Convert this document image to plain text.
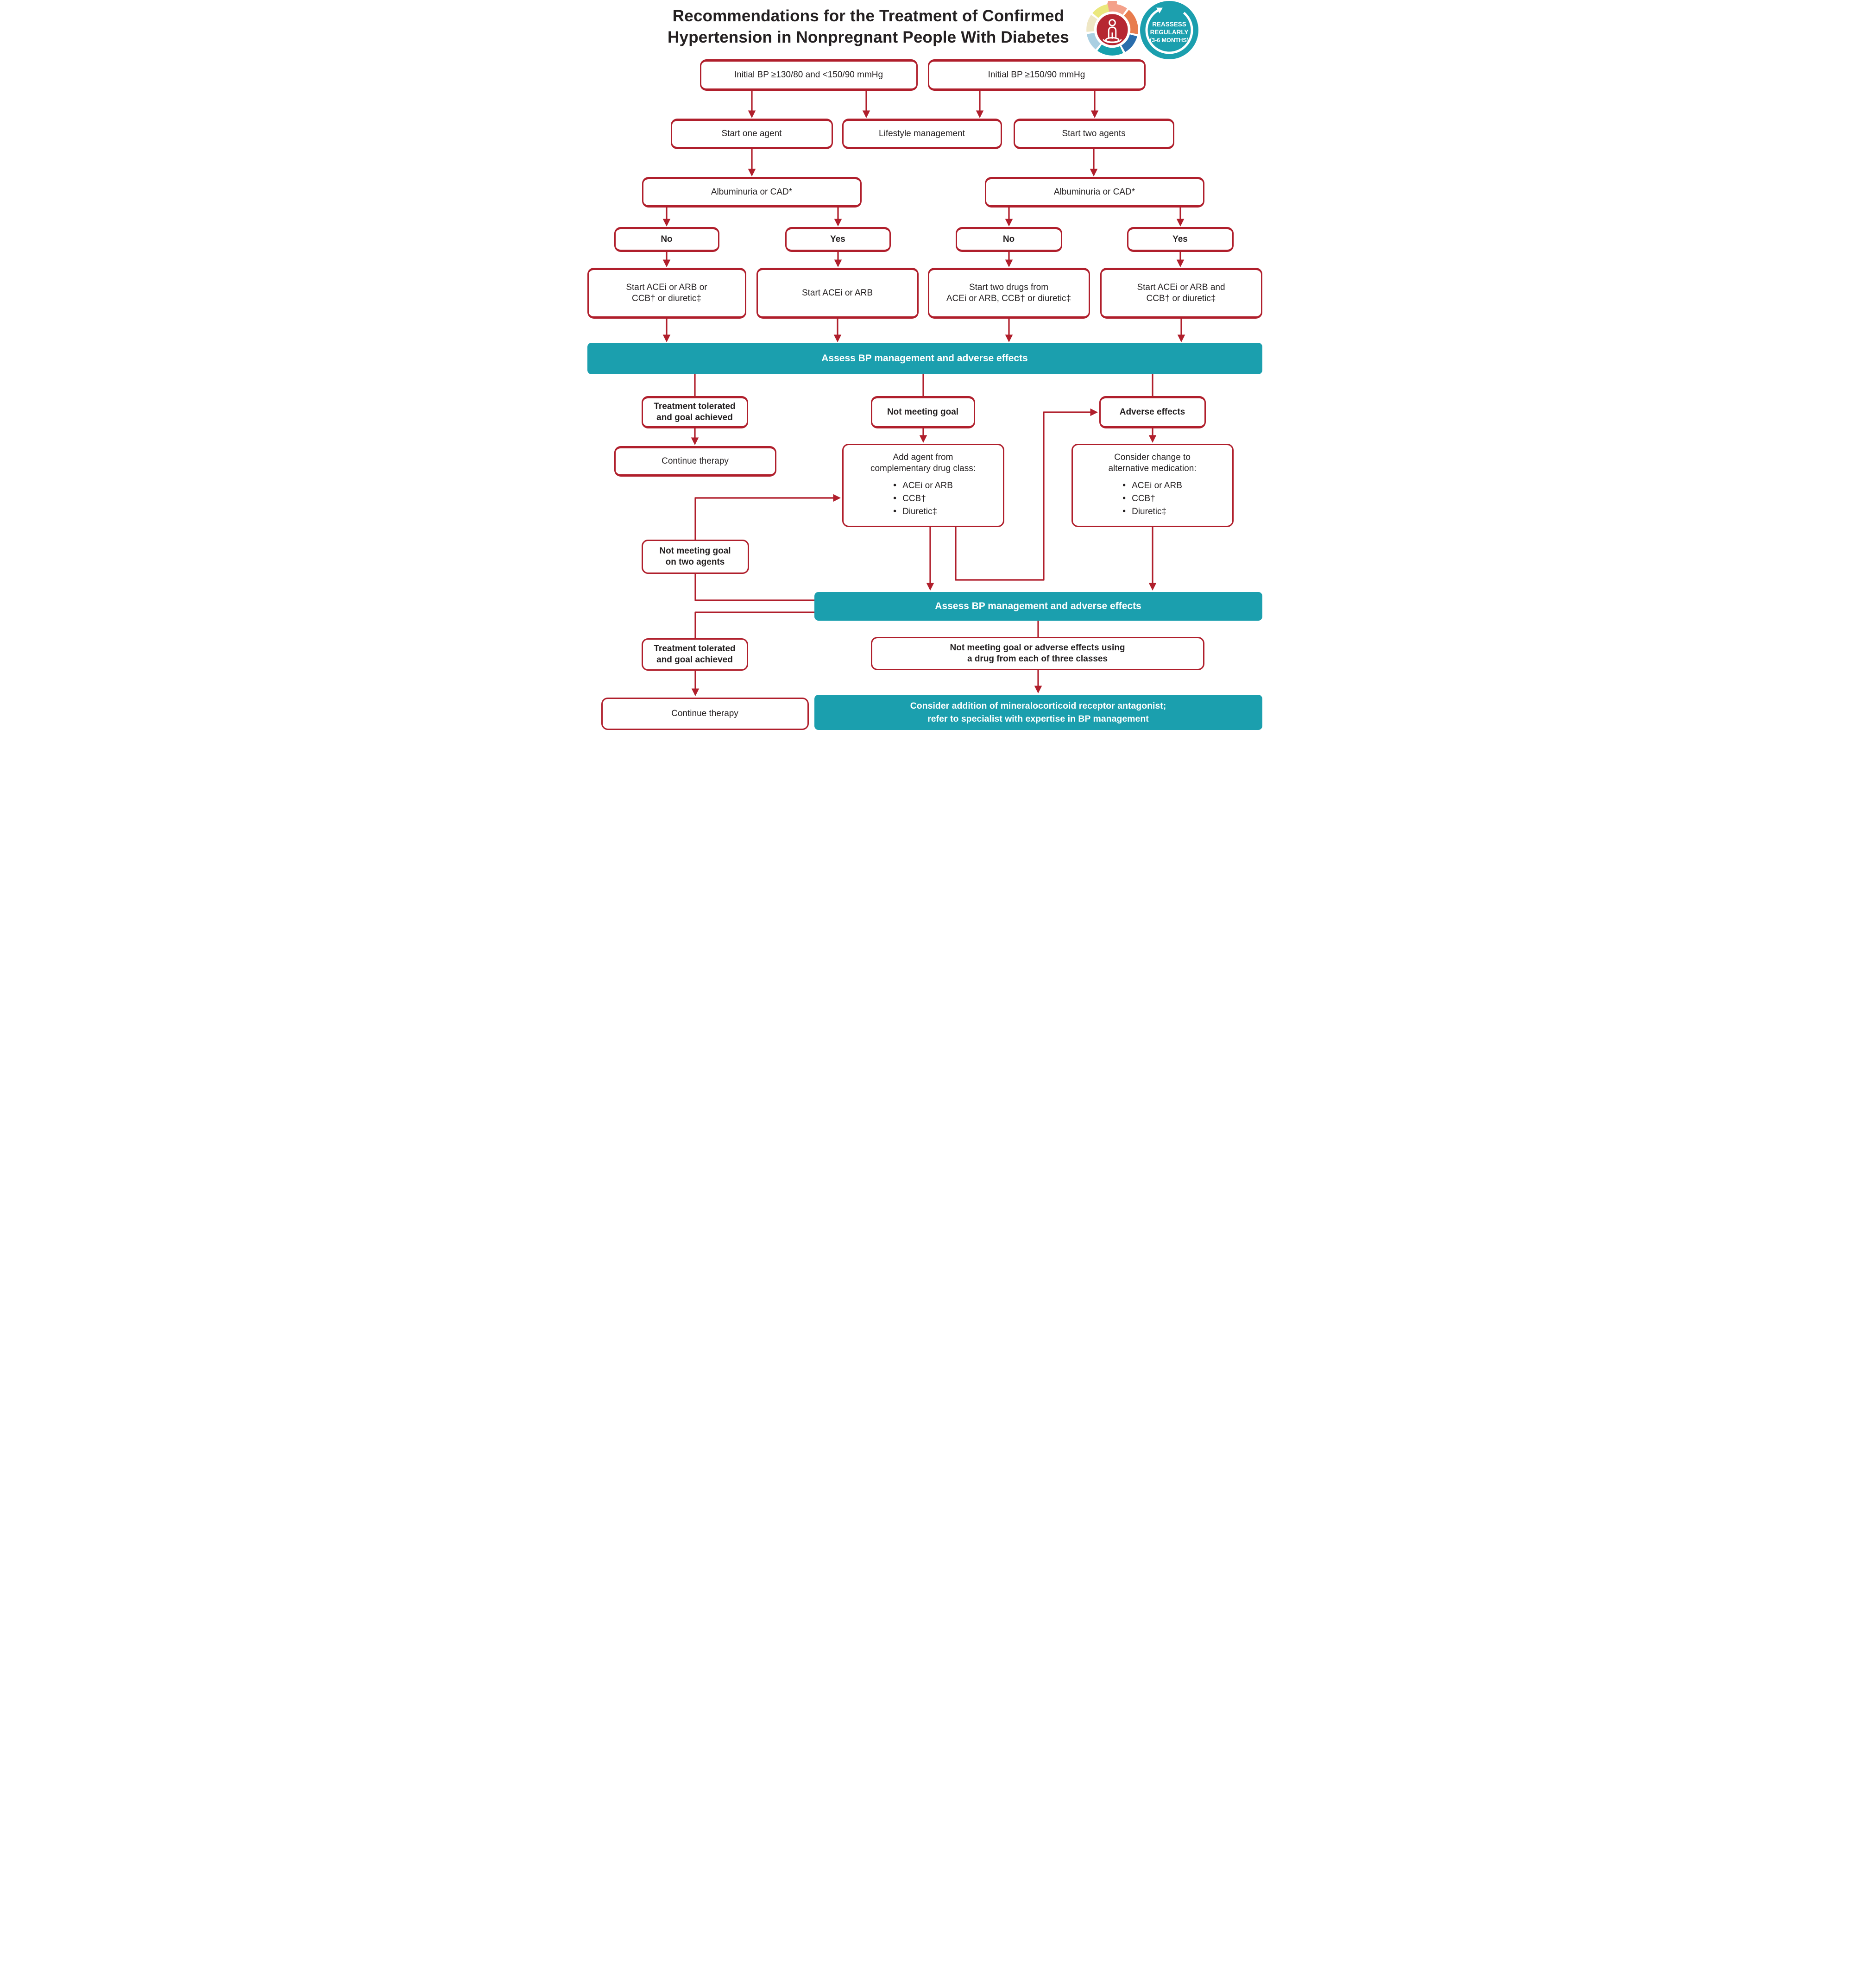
Recommendations for the Treatment of Confirmed
Hypertension in Nonpregnant People With Diabetes
REASSESS
REGULARLY
(3-6 MONTHS)
Initial BP ≥130/80 and <150/90 mmHg	Initial BP ≥150/90 mmHg
Start one agent	Lifestyle management	Start two agents
Albuminuria or CAD*	Albuminuria or CAD*
No	Yes	No	Yes
Start ACEi or ARB or
CCB† or diuretic‡
Start ACEi or ARB
Start two drugs from
ACEi or ARB, CCB† or diuretic‡
Start ACEi or ARB and
CCB† or diuretic‡
Assess BP management and adverse effects
Treatment tolerated
and goal achieved
Not meeting goal	Adverse effects
Continue therapy	Add agent from
complementary drug class:
• ACEi or ARB
• CCB†
• Diuretic‡
Consider change to
alternative medication:
• ACEi or ARB
• CCB†
• Diuretic‡
Not meeting goal
on two agents
Assess BP management and adverse effects
Treatment tolerated
and goal achieved
Not meeting goal or adverse effects using
a drug from each of three classes
Continue therapy
Consider addition of mineralocorticoid receptor antagonist;
refer to specialist with expertise in BP management
